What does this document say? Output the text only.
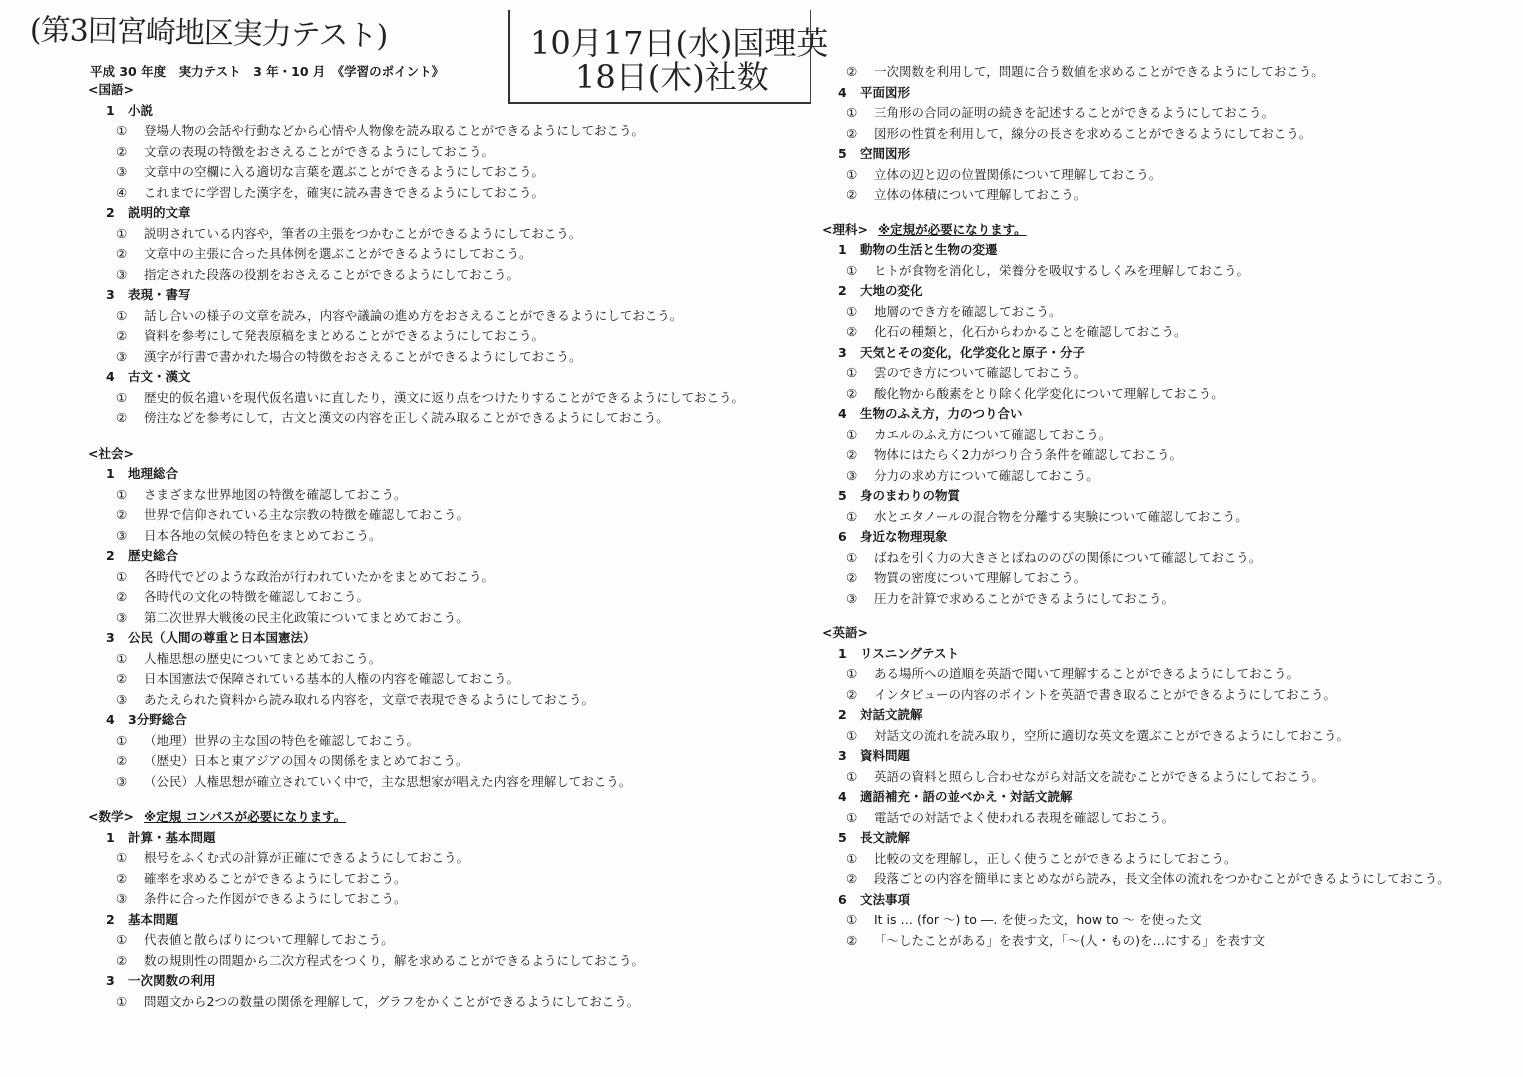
(第3回宮崎地区実力テスト)	10月17日(水)国理英
18日(木)社数
平成 30 年度　実力テスト　3 年・10 月　《学習のポイント》
<国語>
1 小説
① 登場人物の会話や行動などから心情や人物像を読み取ることができるようにしておこう。
② 文章の表現の特徴をおさえることができるようにしておこう。
③ 文章中の空欄に入る適切な言葉を選ぶことができるようにしておこう。
④ これまでに学習した漢字を，確実に読み書きできるようにしておこう。
2 説明的文章
① 説明されている内容や，筆者の主張をつかむことができるようにしておこう。
② 文章中の主張に合った具体例を選ぶことができるようにしておこう。
③ 指定された段落の役割をおさえることができるようにしておこう。
3 表現・書写
① 話し合いの様子の文章を読み，内容や議論の進め方をおさえることができるようにしておこう。
② 資料を参考にして発表原稿をまとめることができるようにしておこう。
③ 漢字が行書で書かれた場合の特徴をおさえることができるようにしておこう。
4 古文・漢文
① 歴史的仮名遣いを現代仮名遣いに直したり，漢文に返り点をつけたりすることができるようにしておこう。
② 傍注などを参考にして，古文と漢文の内容を正しく読み取ることができるようにしておこう。
<社会>
1 地理総合
① さまざまな世界地図の特徴を確認しておこう。
② 世界で信仰されている主な宗教の特徴を確認しておこう。
③ 日本各地の気候の特色をまとめておこう。
2 歴史総合
① 各時代でどのような政治が行われていたかをまとめておこう。
② 各時代の文化の特徴を確認しておこう。
③ 第二次世界大戦後の民主化政策についてまとめておこう。
3 公民（人間の尊重と日本国憲法）
① 人権思想の歴史についてまとめておこう。
② 日本国憲法で保障されている基本的人権の内容を確認しておこう。
③ あたえられた資料から読み取れる内容を，文章で表現できるようにしておこう。
4 3分野総合
① （地理）世界の主な国の特色を確認しておこう。
② （歴史）日本と東アジアの国々の関係をまとめておこう。
③ （公民）人権思想が確立されていく中で，主な思想家が唱えた内容を理解しておこう。
<数学> ※定規 コンパスが必要になります。
1 計算・基本問題
① 根号をふくむ式の計算が正確にできるようにしておこう。
② 確率を求めることができるようにしておこう。
③ 条件に合った作図ができるようにしておこう。
2 基本問題
① 代表値と散らばりについて理解しておこう。
② 数の規則性の問題から二次方程式をつくり，解を求めることができるようにしておこう。
3 一次関数の利用
① 問題文から2つの数量の関係を理解して，グラフをかくことができるようにしておこう。
② 一次関数を利用して，問題に合う数値を求めることができるようにしておこう。
4 平面図形
① 三角形の合同の証明の続きを記述することができるようにしておこう。
② 図形の性質を利用して，線分の長さを求めることができるようにしておこう。
5 空間図形
① 立体の辺と辺の位置関係について理解しておこう。
② 立体の体積について理解しておこう。
<理科> ※定規が必要になります。
1 動物の生活と生物の変遷
① ヒトが食物を消化し，栄養分を吸収するしくみを理解しておこう。
2 大地の変化
① 地層のでき方を確認しておこう。
② 化石の種類と，化石からわかることを確認しておこう。
3 天気とその変化，化学変化と原子・分子
① 雲のでき方について確認しておこう。
② 酸化物から酸素をとり除く化学変化について理解しておこう。
4 生物のふえ方，力のつり合い
① カエルのふえ方について確認しておこう。
② 物体にはたらく2力がつり合う条件を確認しておこう。
③ 分力の求め方について確認しておこう。
5 身のまわりの物質
① 水とエタノールの混合物を分離する実験について確認しておこう。
6 身近な物理現象
① ばねを引く力の大きさとばねののびの関係について確認しておこう。
② 物質の密度について理解しておこう。
③ 圧力を計算で求めることができるようにしておこう。
<英語>
1 リスニングテスト
① ある場所への道順を英語で聞いて理解することができるようにしておこう。
② インタビューの内容のポイントを英語で書き取ることができるようにしておこう。
2 対話文読解
① 対話文の流れを読み取り，空所に適切な英文を選ぶことができるようにしておこう。
3 資料問題
① 英語の資料と照らし合わせながら対話文を読むことができるようにしておこう。
4 適語補充・語の並べかえ・対話文読解
① 電話での対話でよく使われる表現を確認しておこう。
5 長文読解
① 比較の文を理解し，正しく使うことができるようにしておこう。
② 段落ごとの内容を簡単にまとめながら読み，長文全体の流れをつかむことができるようにしておこう。
6 文法事項
① It is … (for ～) to ―. を使った文，how to ～ を使った文
② 「～したことがある」を表す文，「～(人・もの)を…にする」を表す文
